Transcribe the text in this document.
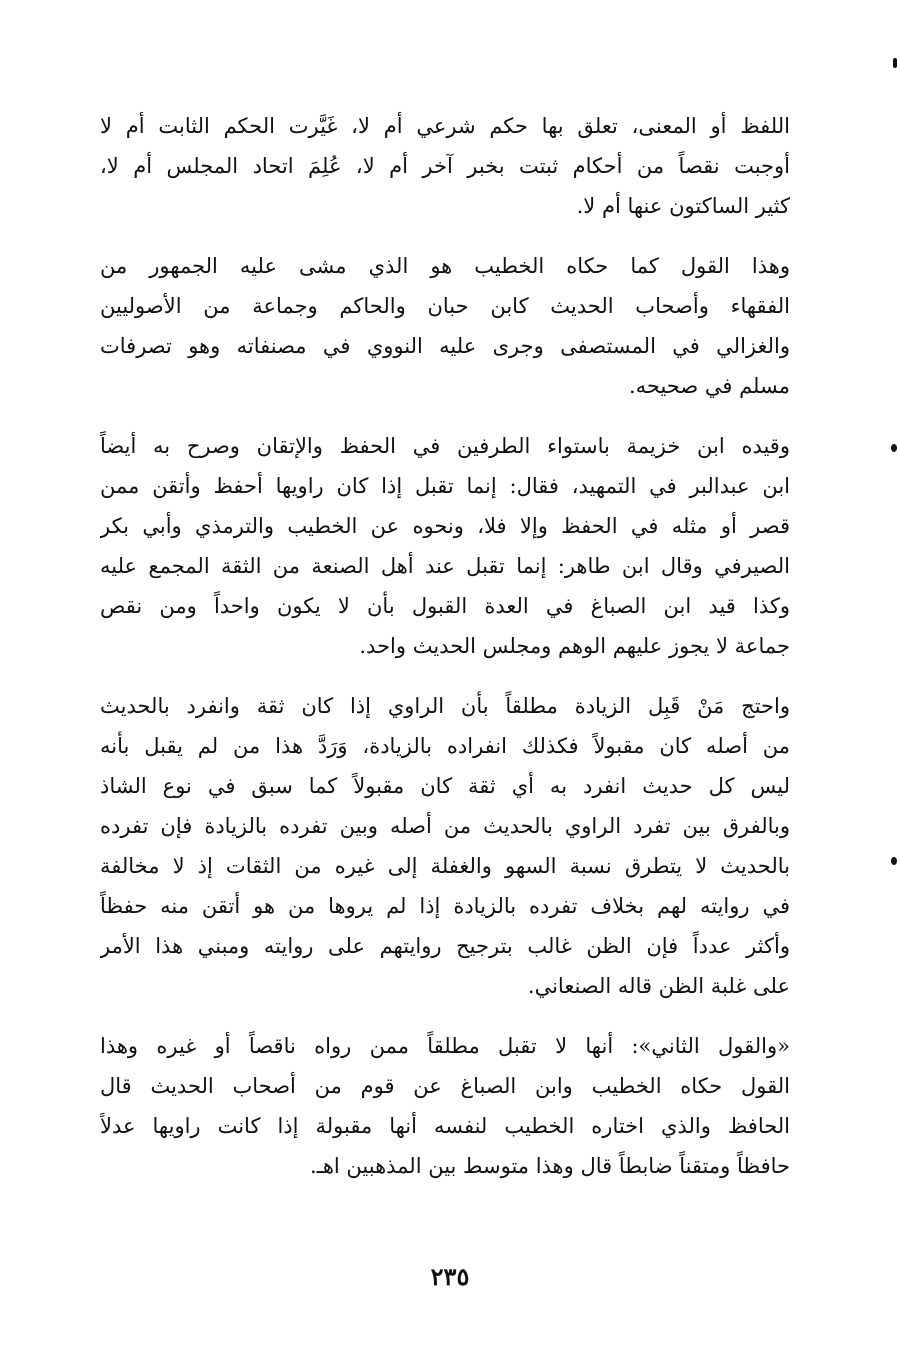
اللفظ أو المعنى، تعلق بها حكم شرعي أم لا، غَيَّرت الحكم الثابت أم لا
أوجبت نقصاً من أحكام ثبتت بخبر آخر أم لا، عُلِمَ اتحاد المجلس أم لا،
كثير الساكتون عنها أم لا.
وهذا القول كما حكاه الخطيب هو الذي مشى عليه الجمهور من
الفقهاء وأصحاب الحديث كابن حبان والحاكم وجماعة من الأصوليين
والغزالي في المستصفى وجرى عليه النووي في مصنفاته وهو تصرفات
مسلم في صحيحه.
وقيده ابن خزيمة باستواء الطرفين في الحفظ والإتقان وصرح به أيضاً
ابن عبدالبر في التمهيد، فقال: إنما تقبل إذا كان راويها أحفظ وأتقن ممن
قصر أو مثله في الحفظ وإلا فلا، ونحوه عن الخطيب والترمذي وأبي بكر
الصيرفي وقال ابن طاهر: إنما تقبل عند أهل الصنعة من الثقة المجمع عليه
وكذا قيد ابن الصباغ في العدة القبول بأن لا يكون واحداً ومن نقص
جماعة لا يجوز عليهم الوهم ومجلس الحديث واحد.
واحتج مَنْ قَبِل الزيادة مطلقاً بأن الراوي إذا كان ثقة وانفرد بالحديث
من أصله كان مقبولاً فكذلك انفراده بالزيادة، وَرَدَّ هذا من لم يقبل بأنه
ليس كل حديث انفرد به أي ثقة كان مقبولاً كما سبق في نوع الشاذ
وبالفرق بين تفرد الراوي بالحديث من أصله وبين تفرده بالزيادة فإن تفرده
بالحديث لا يتطرق نسبة السهو والغفلة إلى غيره من الثقات إذ لا مخالفة
في روايته لهم بخلاف تفرده بالزيادة إذا لم يروها من هو أتقن منه حفظاً
وأكثر عدداً فإن الظن غالب بترجيح روايتهم على روايته ومبني هذا الأمر
على غلبة الظن قاله الصنعاني.
«والقول الثاني»: أنها لا تقبل مطلقاً ممن رواه ناقصاً أو غيره وهذا
القول حكاه الخطيب وابن الصباغ عن قوم من أصحاب الحديث قال
الحافظ والذي اختاره الخطيب لنفسه أنها مقبولة إذا كانت راويها عدلاً
حافظاً ومتقناً ضابطاً قال وهذا متوسط بين المذهبين اهـ.
٢٣٥
